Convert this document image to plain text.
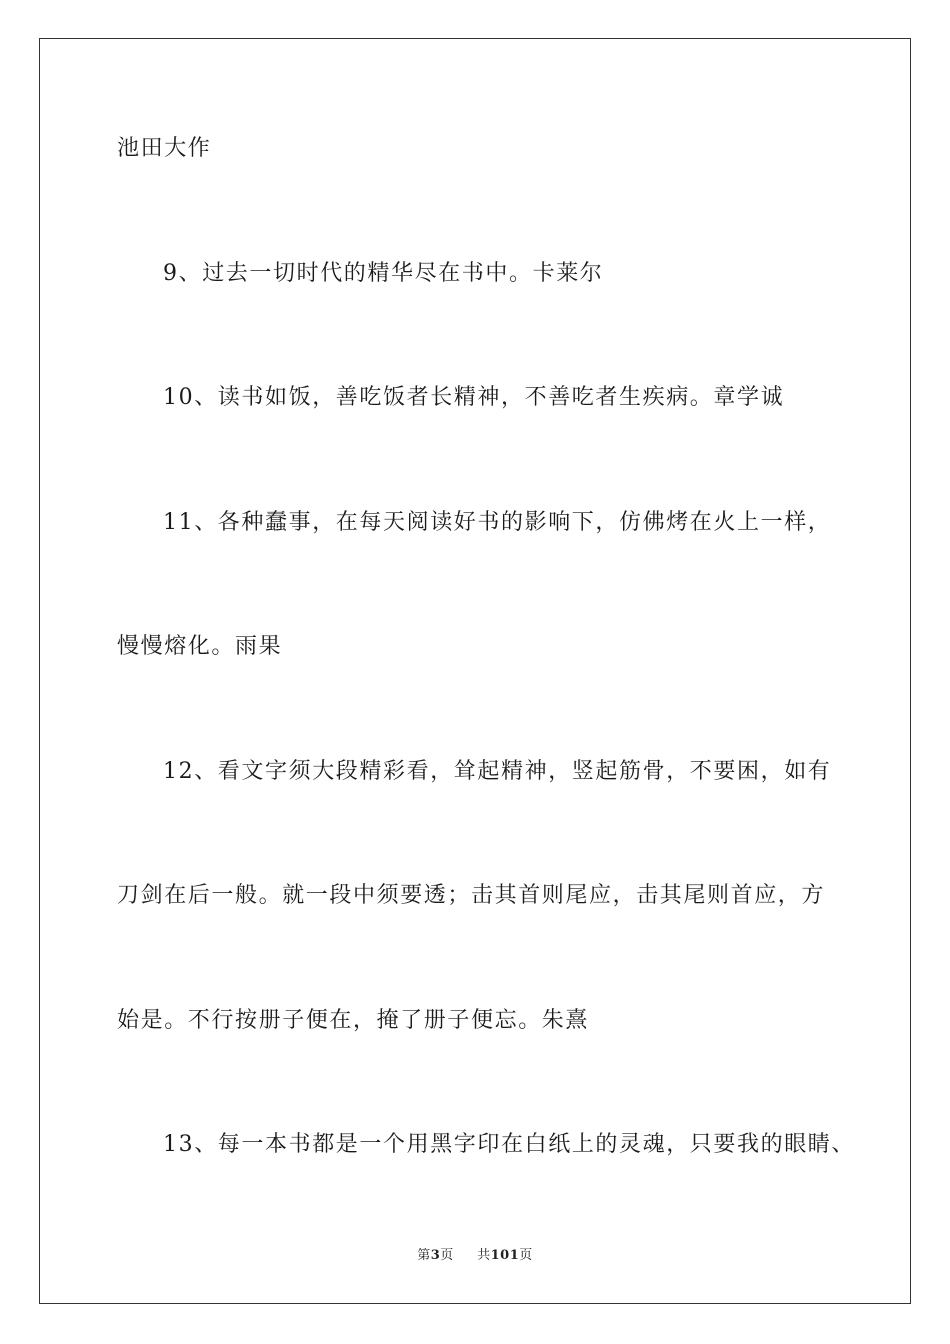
池田大作
9、过去一切时代的精华尽在书中。卡莱尔
10、读书如饭，善吃饭者长精神，不善吃者生疾病。章学诚
11、各种蠢事，在每天阅读好书的影响下，仿佛烤在火上一样，
慢慢熔化。雨果
12、看文字须大段精彩看，耸起精神，竖起筋骨，不要困，如有
刀剑在后一般。就一段中须要透；击其首则尾应，击其尾则首应，方
始是。不行按册子便在，掩了册子便忘。朱熹
13、每一本书都是一个用黑字印在白纸上的灵魂，只要我的眼睛、
第3页 共101页
